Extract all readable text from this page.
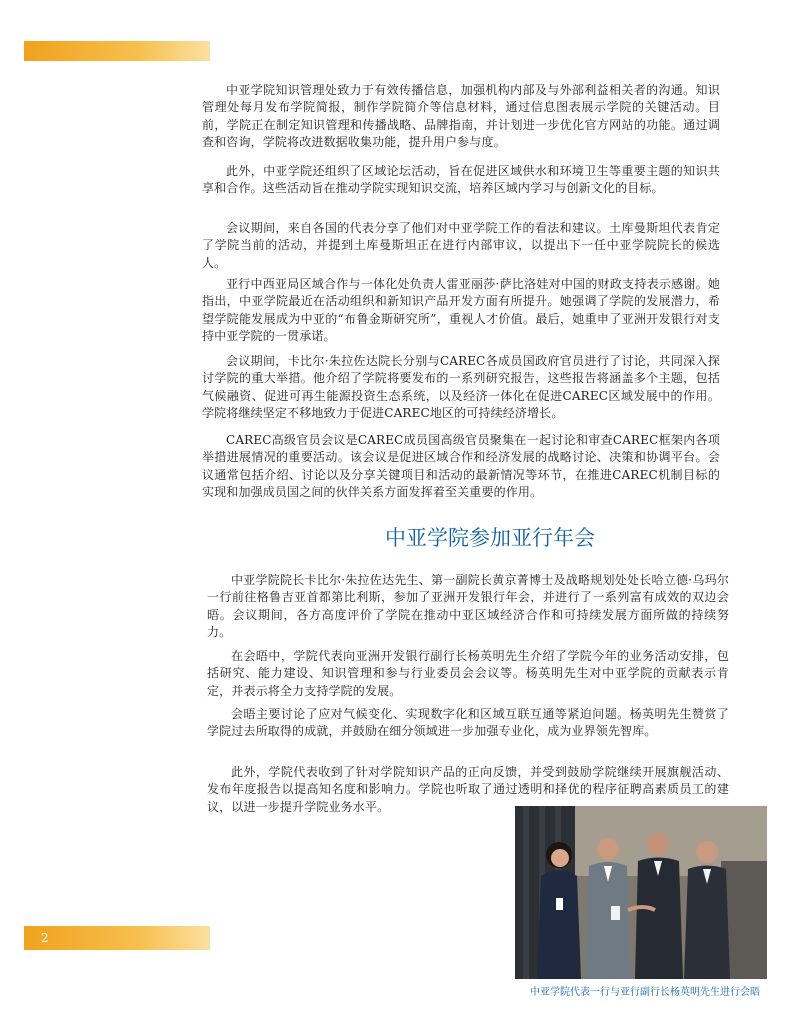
中亚学院知识管理处致力于有效传播信息，加强机构内部及与外部利益相关者的沟通。知识管理处每月发布学院简报，制作学院简介等信息材料，通过信息图表展示学院的关键活动。目前，学院正在制定知识管理和传播战略、品牌指南，并计划进一步优化官方网站的功能。通过调查和咨询，学院将改进数据收集功能，提升用户参与度。

此外，中亚学院还组织了区域论坛活动，旨在促进区域供水和环境卫生等重要主题的知识共享和合作。这些活动旨在推动学院实现知识交流，培养区域内学习与创新文化的目标。

会议期间，来自各国的代表分享了他们对中亚学院工作的看法和建议。土库曼斯坦代表肯定了学院当前的活动，并提到土库曼斯坦正在进行内部审议，以提出下一任中亚学院院长的候选人。

亚行中西亚局区域合作与一体化处负责人雷亚丽莎·萨比洛娃对中国的财政支持表示感谢。她指出，中亚学院最近在活动组织和新知识产品开发方面有所提升。她强调了学院的发展潜力，希望学院能发展成为中亚的“布鲁金斯研究所”，重视人才价值。最后，她重申了亚洲开发银行对支持中亚学院的一贯承诺。

会议期间，卡比尔·朱拉佐达院长分别与CAREC各成员国政府官员进行了讨论，共同深入探讨学院的重大举措。他介绍了学院将要发布的一系列研究报告，这些报告将涵盖多个主题，包括气候融资、促进可再生能源投资生态系统，以及经济一体化在促进CAREC区域发展中的作用。学院将继续坚定不移地致力于促进CAREC地区的可持续经济增长。

CAREC高级官员会议是CAREC成员国高级官员聚集在一起讨论和审查CAREC框架内各项举措进展情况的重要活动。该会议是促进区域合作和经济发展的战略讨论、决策和协调平台。会议通常包括介绍、讨论以及分享关键项目和活动的最新情况等环节，在推进CAREC机制目标的实现和加强成员国之间的伙伴关系方面发挥着至关重要的作用。

中亚学院参加亚行年会

中亚学院院长卡比尔·朱拉佐达先生、第一副院长黄京菁博士及战略规划处处长哈立德·乌玛尔一行前往格鲁吉亚首都第比利斯，参加了亚洲开发银行年会，并进行了一系列富有成效的双边会晤。会议期间，各方高度评价了学院在推动中亚区域经济合作和可持续发展方面所做的持续努力。

在会晤中，学院代表向亚洲开发银行副行长杨英明先生介绍了学院今年的业务活动安排，包括研究、能力建设、知识管理和参与行业委员会会议等。杨英明先生对中亚学院的贡献表示肯定，并表示将全力支持学院的发展。

会晤主要讨论了应对气候变化、实现数字化和区域互联互通等紧迫问题。杨英明先生赞赏了学院过去所取得的成就，并鼓励在细分领域进一步加强专业化，成为业界领先智库。

此外，学院代表收到了针对学院知识产品的正向反馈，并受到鼓励学院继续开展旗舰活动、发布年度报告以提高知名度和影响力。学院也听取了通过透明和择优的程序征聘高素质员工的建议，以进一步提升学院业务水平。

中亚学院代表一行与亚行副行长杨英明先生进行会晤

2
